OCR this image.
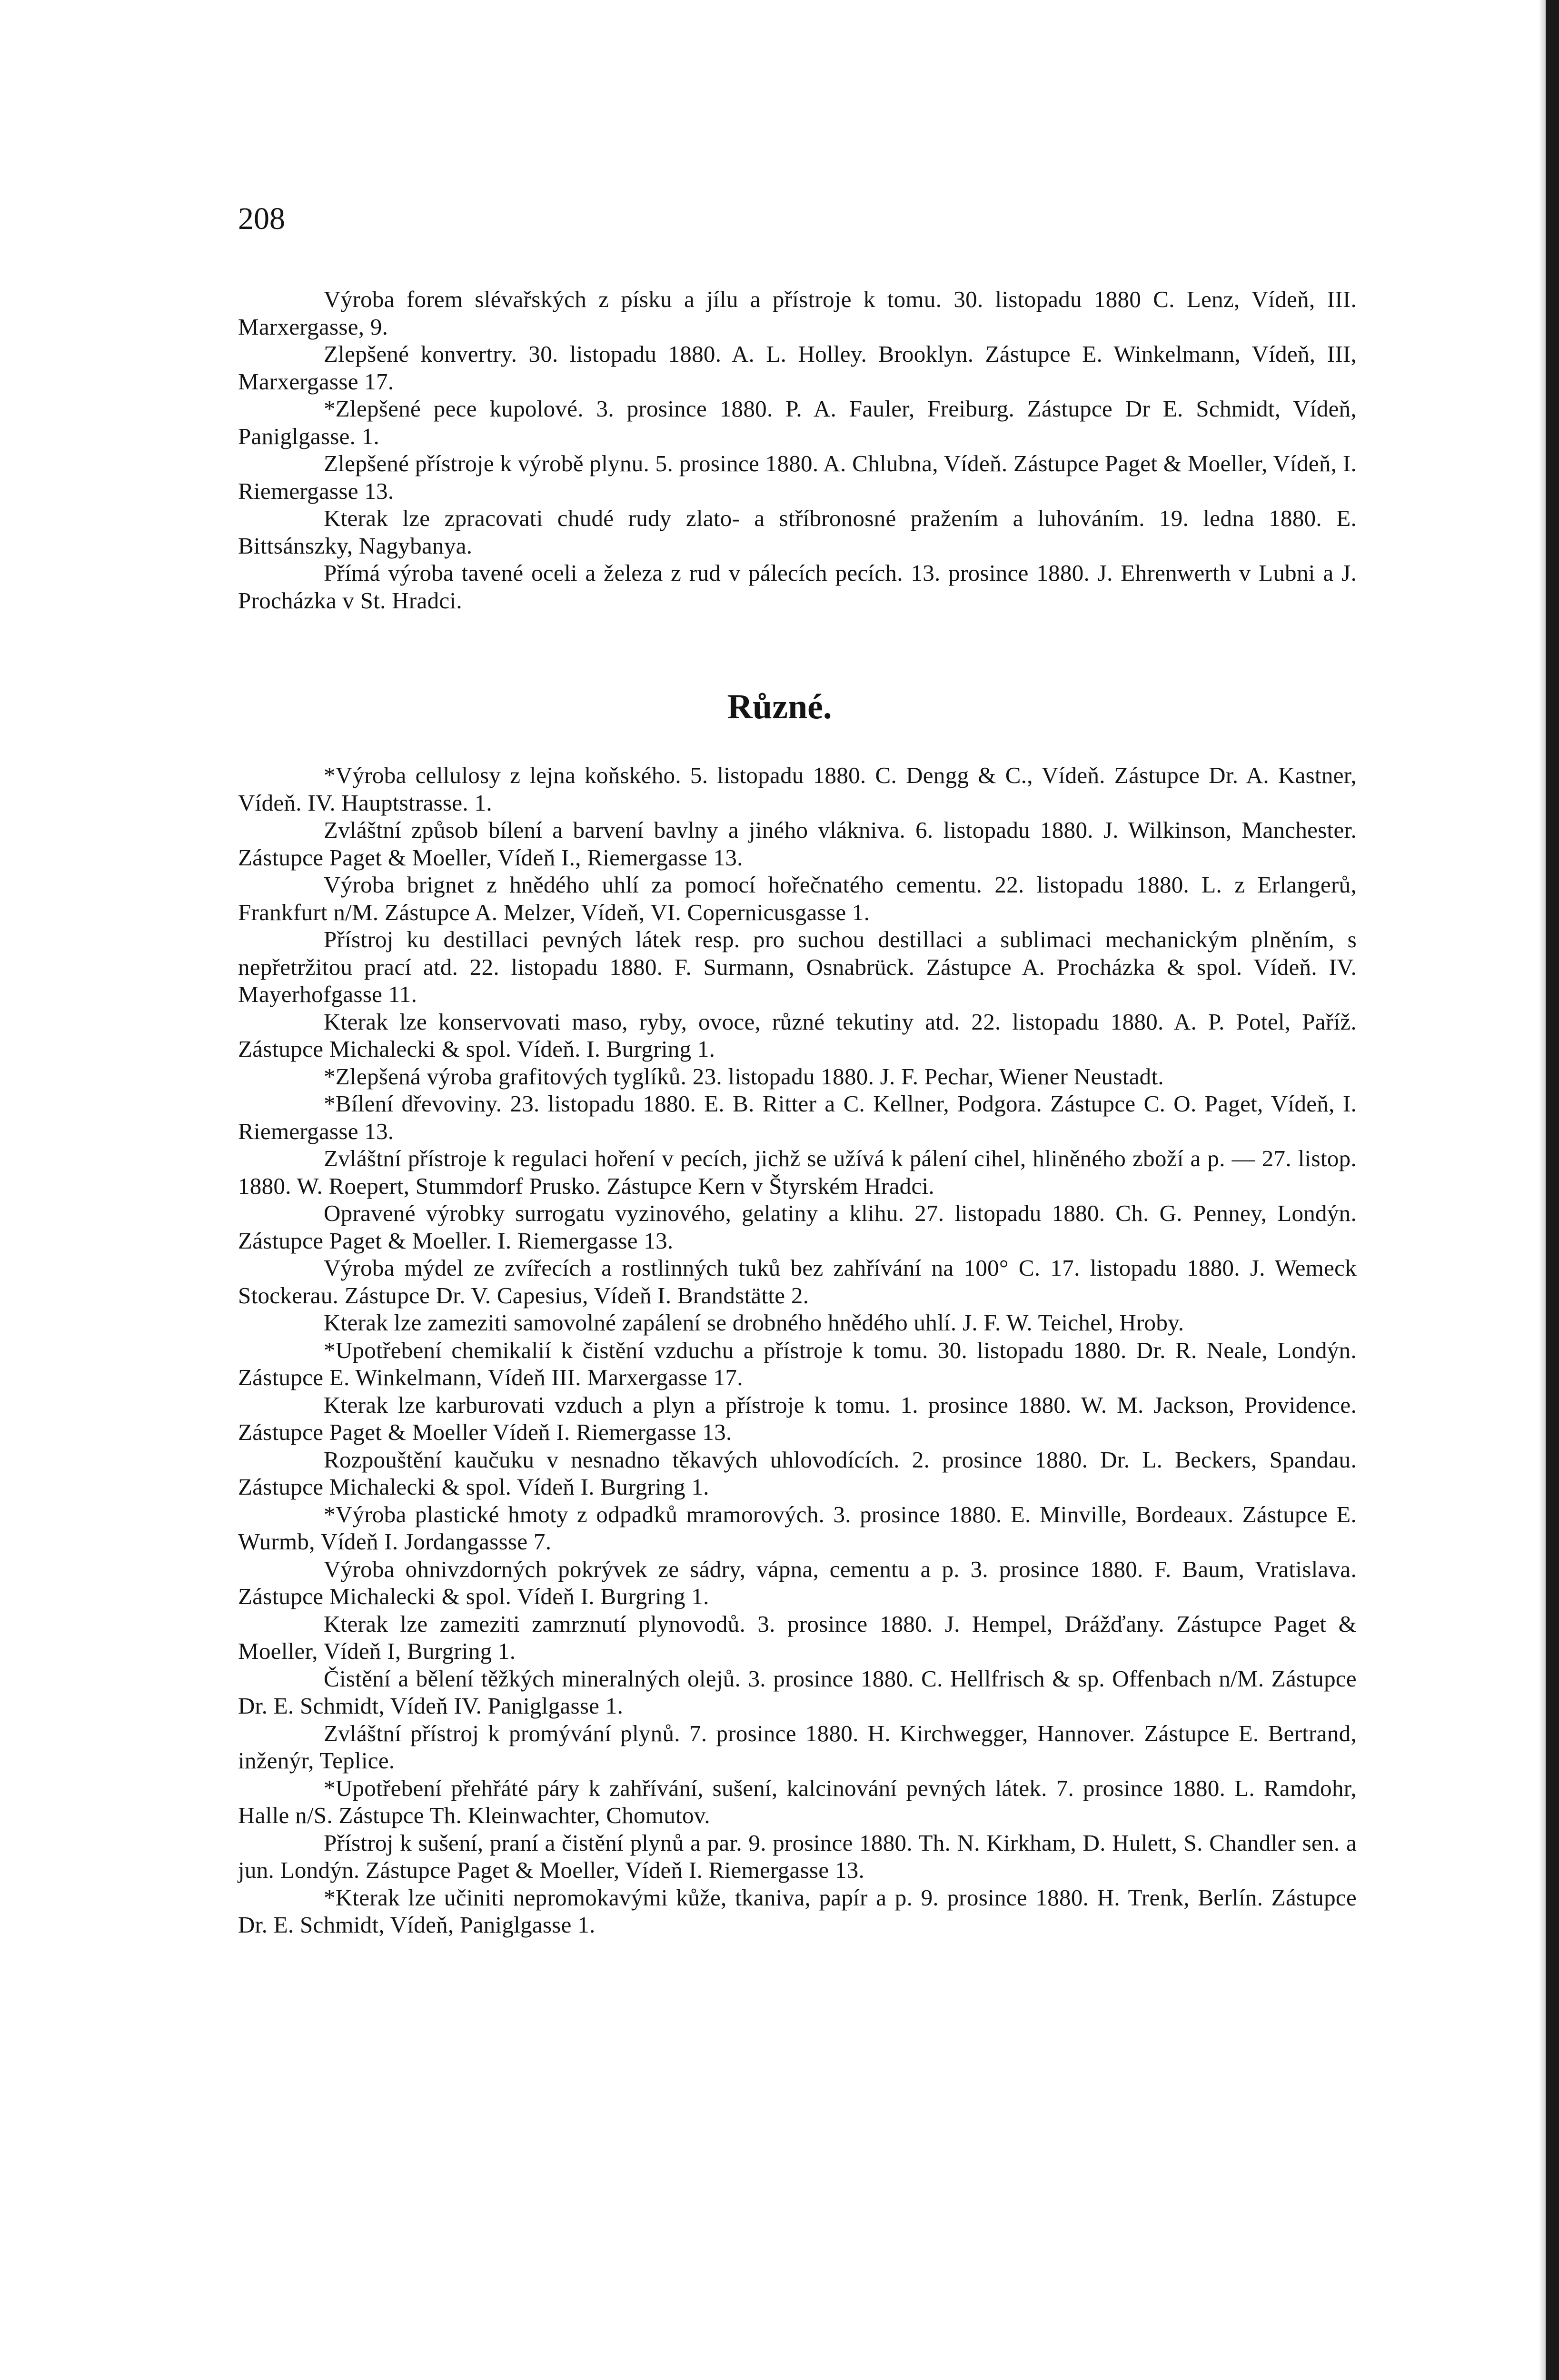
208

Výroba forem slévařských z písku a jílu a přístroje k tomu. 30. listopadu 1880 C. Lenz, Vídeň, III. Marxergasse, 9.

Zlepšené konvertry. 30. listopadu 1880. A. L. Holley. Brooklyn. Zástupce E. Winkelmann, Vídeň, III, Marxergasse 17.

*Zlepšené pece kupolové. 3. prosince 1880. P. A. Fauler, Freiburg. Zástupce Dr E. Schmidt, Vídeň, Paniglgasse. 1.

Zlepšené přístroje k výrobě plynu. 5. prosince 1880. A. Chlubna, Vídeň. Zástupce Paget & Moeller, Vídeň, I. Riemergasse 13.

Kterak lze zpracovati chudé rudy zlato- a stříbronosné pražením a luhováním. 19. ledna 1880. E. Bittsánszky, Nagybanya.

Přímá výroba tavené oceli a železa z rud v pálecích pecích. 13. prosince 1880. J. Ehrenwerth v Lubni a J. Procházka v St. Hradci.

Různé.

*Výroba cellulosy z lejna koňského. 5. listopadu 1880. C. Dengg & C., Vídeň. Zástupce Dr. A. Kastner, Vídeň. IV. Hauptstrasse. 1.

Zvláštní způsob bílení a barvení bavlny a jiného vlákniva. 6. listopadu 1880. J. Wilkinson, Manchester. Zástupce Paget & Moeller, Vídeň I., Riemergasse 13.

Výroba brignet z hnědého uhlí za pomocí hořečnatého cementu. 22. listopadu 1880. L. z Erlangerů, Frankfurt n/M. Zástupce A. Melzer, Vídeň, VI. Copernicusgasse 1.

Přístroj ku destillaci pevných látek resp. pro suchou destillaci a sublimaci mechanickým plněním, s nepřetržitou prací atd. 22. listopadu 1880. F. Surmann, Osnabrück. Zástupce A. Procházka & spol. Vídeň. IV. Mayerhofgasse 11.

Kterak lze konservovati maso, ryby, ovoce, různé tekutiny atd. 22. listopadu 1880. A. P. Potel, Paříž. Zástupce Michalecki & spol. Vídeň. I. Burgring 1.

*Zlepšená výroba grafitových tyglíků. 23. listopadu 1880. J. F. Pechar, Wiener Neustadt.

*Bílení dřevoviny. 23. listopadu 1880. E. B. Ritter a C. Kellner, Podgora. Zástupce C. O. Paget, Vídeň, I. Riemergasse 13.

Zvláštní přístroje k regulaci hoření v pecích, jichž se užívá k pálení cihel, hliněného zboží a p. — 27. listop. 1880. W. Roepert, Stummdorf Prusko. Zástupce Kern v Štyrském Hradci.

Opravené výrobky surrogatu vyzinového, gelatiny a klihu. 27. listopadu 1880. Ch. G. Penney, Londýn. Zástupce Paget & Moeller. I. Riemergasse 13.

Výroba mýdel ze zvířecích a rostlinných tuků bez zahřívání na 100° C. 17. listopadu 1880. J. Wemeck Stockerau. Zástupce Dr. V. Capesius, Vídeň I. Brandstätte 2.

Kterak lze zameziti samovolné zapálení se drobného hnědého uhlí. J. F. W. Teichel, Hroby.

*Upotřebení chemikalií k čistění vzduchu a přístroje k tomu. 30. listopadu 1880. Dr. R. Neale, Londýn. Zástupce E. Winkelmann, Vídeň III. Marxergasse 17.

Kterak lze karburovati vzduch a plyn a přístroje k tomu. 1. prosince 1880. W. M. Jackson, Providence. Zástupce Paget & Moeller Vídeň I. Riemergasse 13.

Rozpouštění kaučuku v nesnadno těkavých uhlovodících. 2. prosince 1880. Dr. L. Beckers, Spandau. Zástupce Michalecki & spol. Vídeň I. Burgring 1.

*Výroba plastické hmoty z odpadků mramorových. 3. prosince 1880. E. Minville, Bordeaux. Zástupce E. Wurmb, Vídeň I. Jordangassse 7.

Výroba ohnivzdorných pokrývek ze sádry, vápna, cementu a p. 3. prosince 1880. F. Baum, Vratislava. Zástupce Michalecki & spol. Vídeň I. Burgring 1.

Kterak lze zameziti zamrznutí plynovodů. 3. prosince 1880. J. Hempel, Drážďany. Zástupce Paget & Moeller, Vídeň I, Burgring 1.

Čistění a bělení těžkých mineralných olejů. 3. prosince 1880. C. Hellfrisch & sp. Offenbach n/M. Zástupce Dr. E. Schmidt, Vídeň IV. Paniglgasse 1.

Zvláštní přístroj k promývání plynů. 7. prosince 1880. H. Kirchwegger, Hannover. Zástupce E. Bertrand, inženýr, Teplice.

*Upotřebení přehřáté páry k zahřívání, sušení, kalcinování pevných látek. 7. prosince 1880. L. Ramdohr, Halle n/S. Zástupce Th. Kleinwachter, Chomutov.

Přístroj k sušení, praní a čistění plynů a par. 9. prosince 1880. Th. N. Kirkham, D. Hulett, S. Chandler sen. a jun. Londýn. Zástupce Paget & Moeller, Vídeň I. Riemergasse 13.

*Kterak lze učiniti nepromokavými kůže, tkaniva, papír a p. 9. prosince 1880. H. Trenk, Berlín. Zástupce Dr. E. Schmidt, Vídeň, Paniglgasse 1.
